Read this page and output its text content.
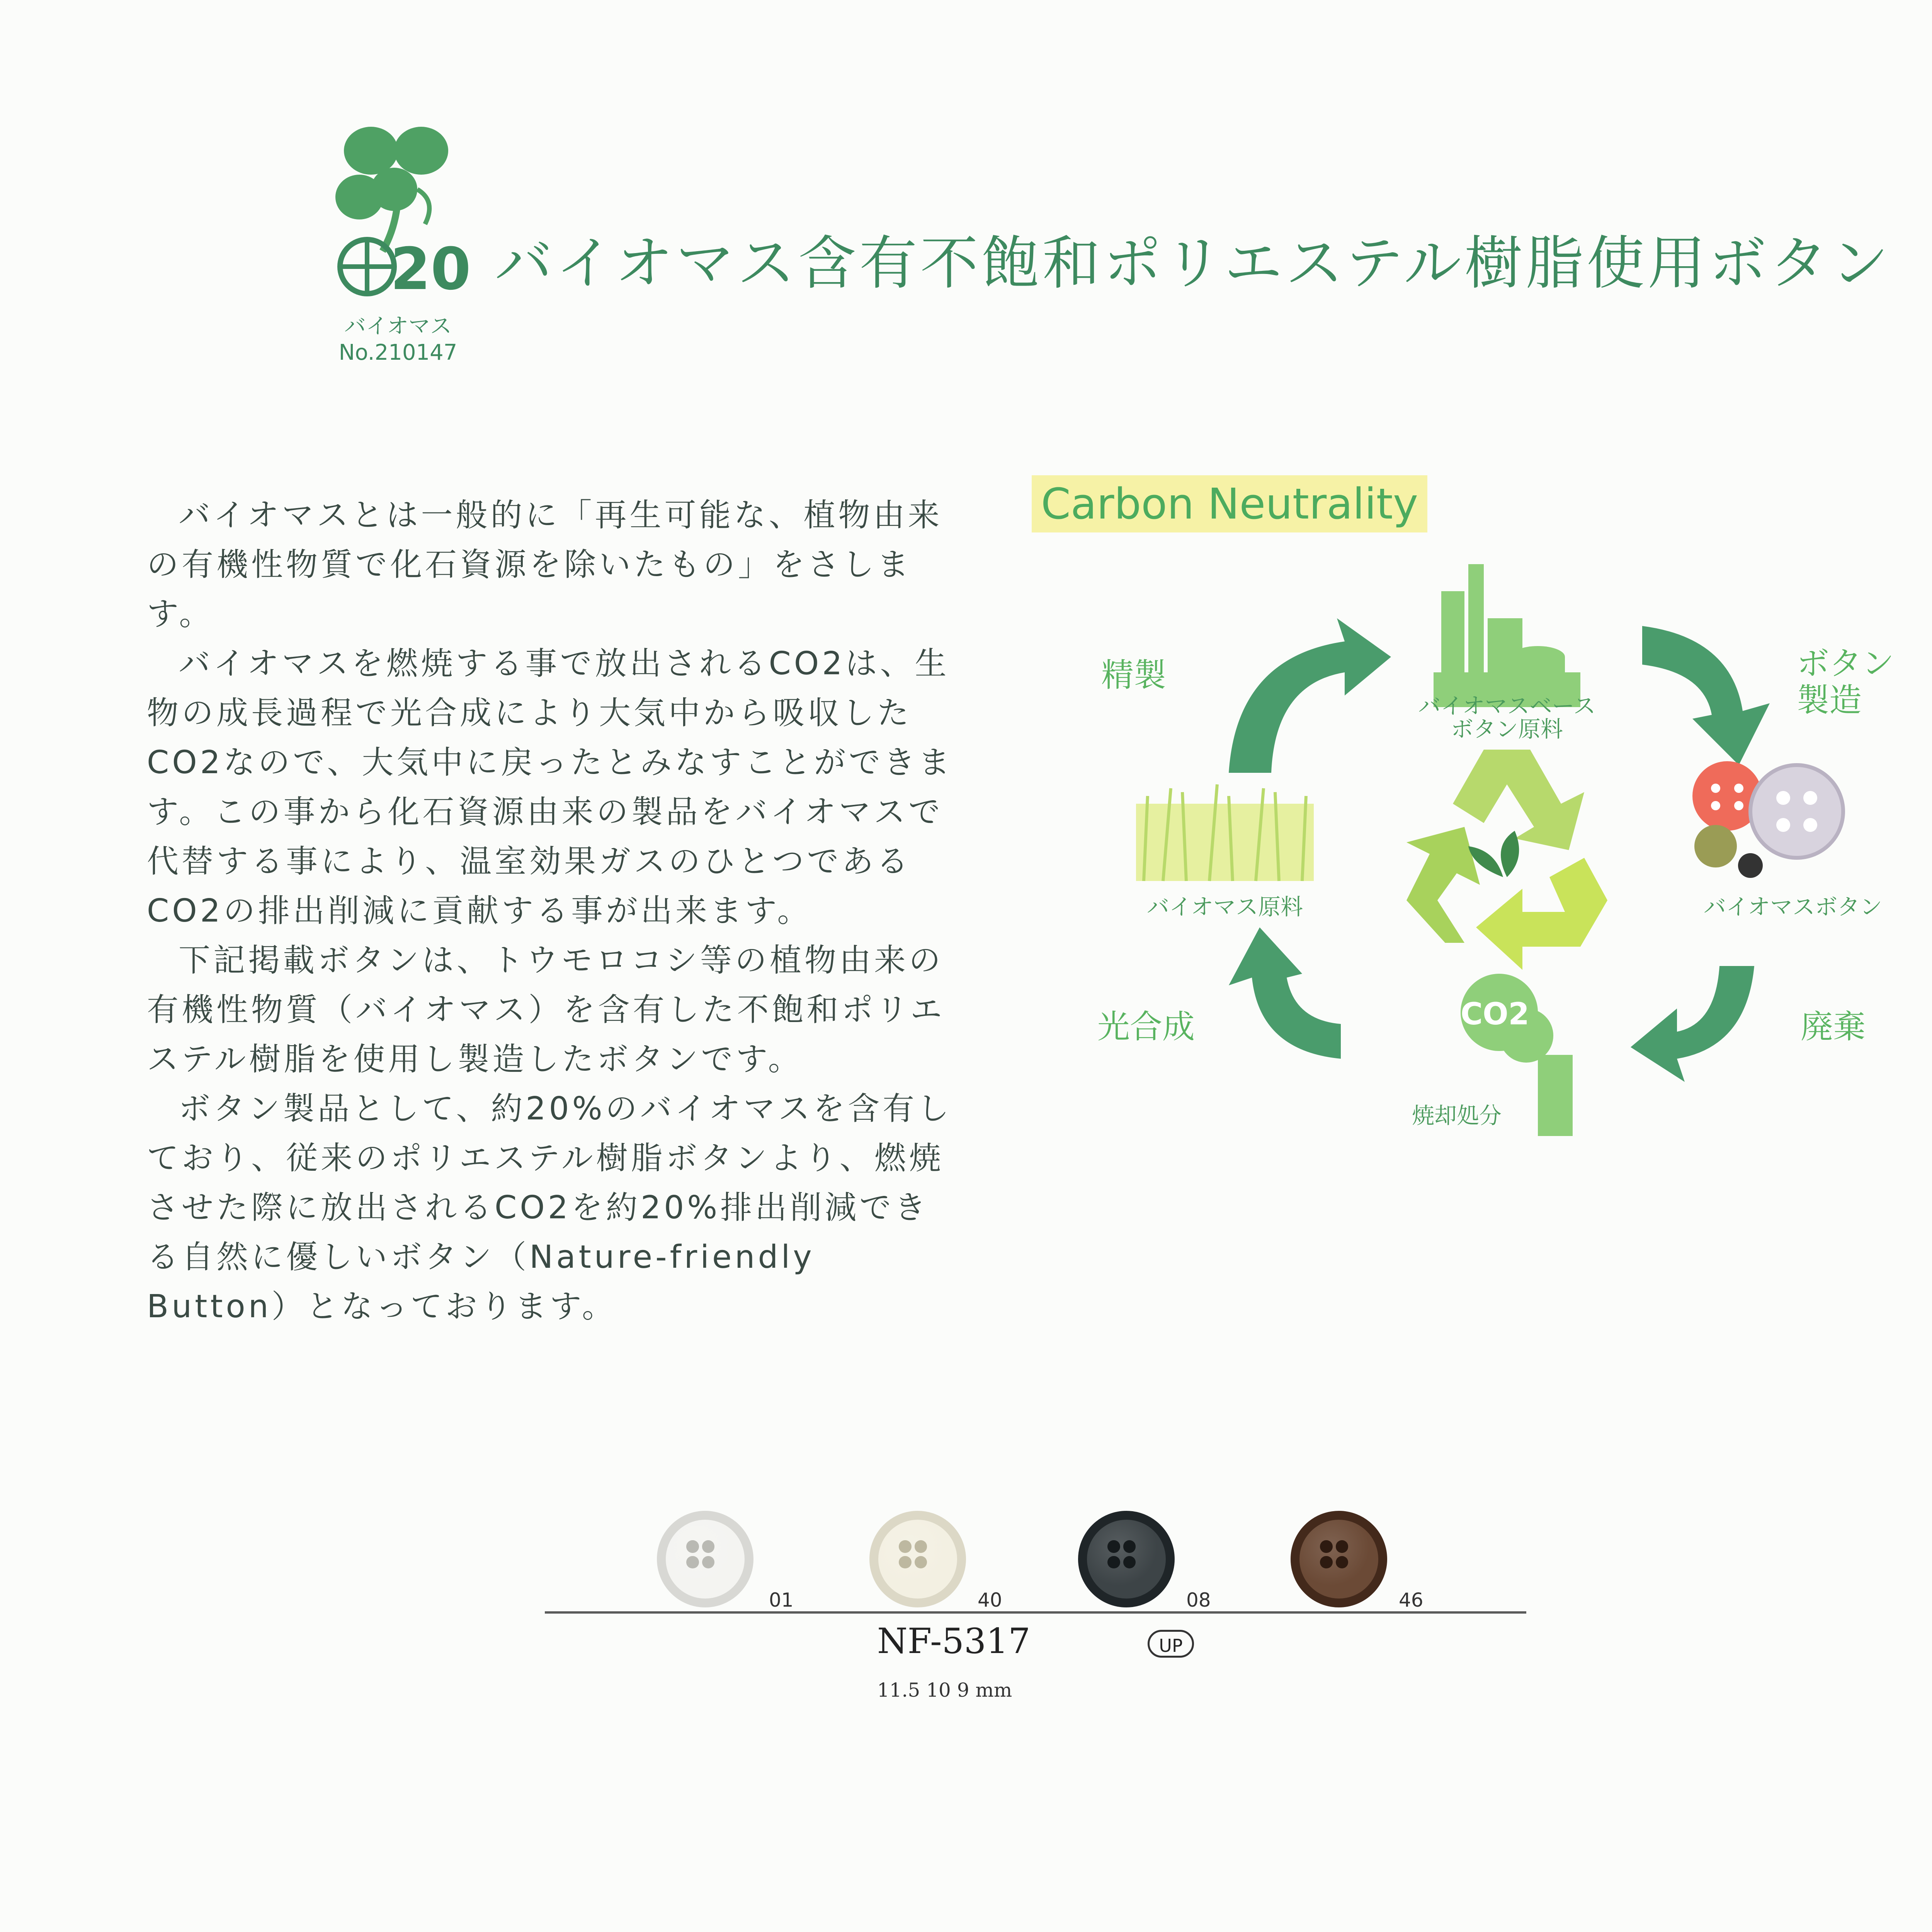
20
バイオマス
No.210147
バイオマス含有不飽和ポリエステル樹脂使用ボタン

バイオマスとは一般的に「再生可能な、植物由来の有機性物質で化石資源を除いたもの」をさします。

バイオマスを燃焼する事で放出されるCO2は、生物の成長過程で光合成により大気中から吸収したCO2なので、大気中に戻ったとみなすことができます。この事から化石資源由来の製品をバイオマスで代替する事により、温室効果ガスのひとつであるCO2の排出削減に貢献する事が出来ます。

下記掲載ボタンは、トウモロコシ等の植物由来の有機性物質（バイオマス）を含有した不飽和ポリエステル樹脂を使用し製造したボタンです。

ボタン製品として、約20%のバイオマスを含有しており、従来のポリエステル樹脂ボタンより、燃焼させた際に放出されるCO2を約20%排出削減できる自然に優しいボタン（Nature-friendly Button）となっております。

Carbon Neutrality
精製	ボタン
製造
光合成	廃棄
バイオマス原料
バイオマスベース
ボタン原料
バイオマスボタン
焼却処分
CO2
01	40	08	46
NF-5317	UP
11.5 10 9 mm
